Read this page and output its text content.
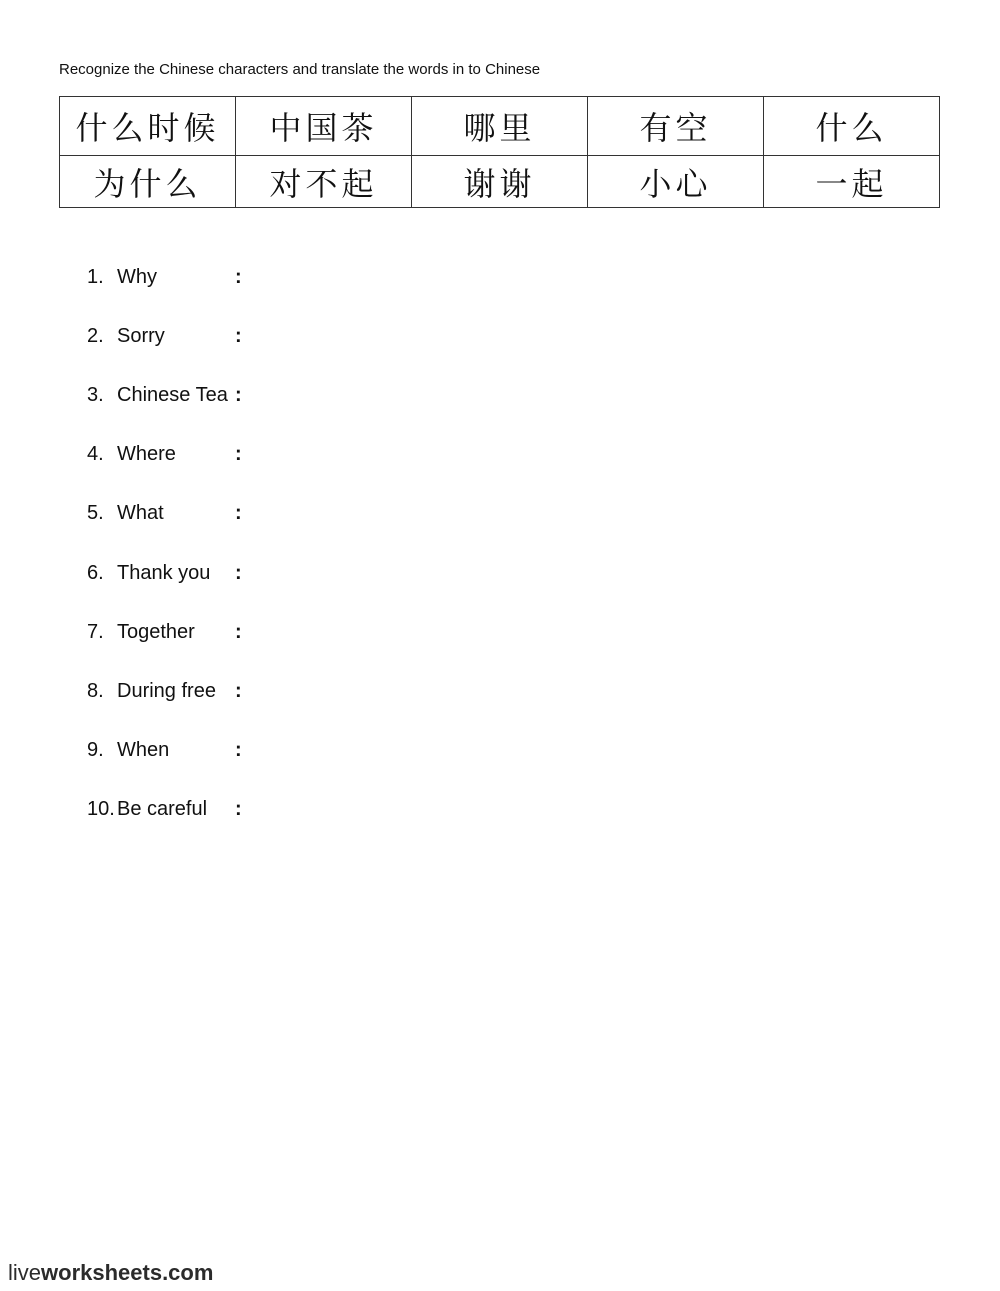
Recognize the Chinese characters and translate the words in to Chinese
什么时候	中国茶	哪里	有空	什么
为什么	对不起	谢谢	小心	一起
1. Why	:
2. Sorry	:
3. Chinese Tea :
4. Where	:
5. What	:
6. Thank you :
7. Together :
8. During free :
9. When	:
10. Be careful :
liveworksheets.com
